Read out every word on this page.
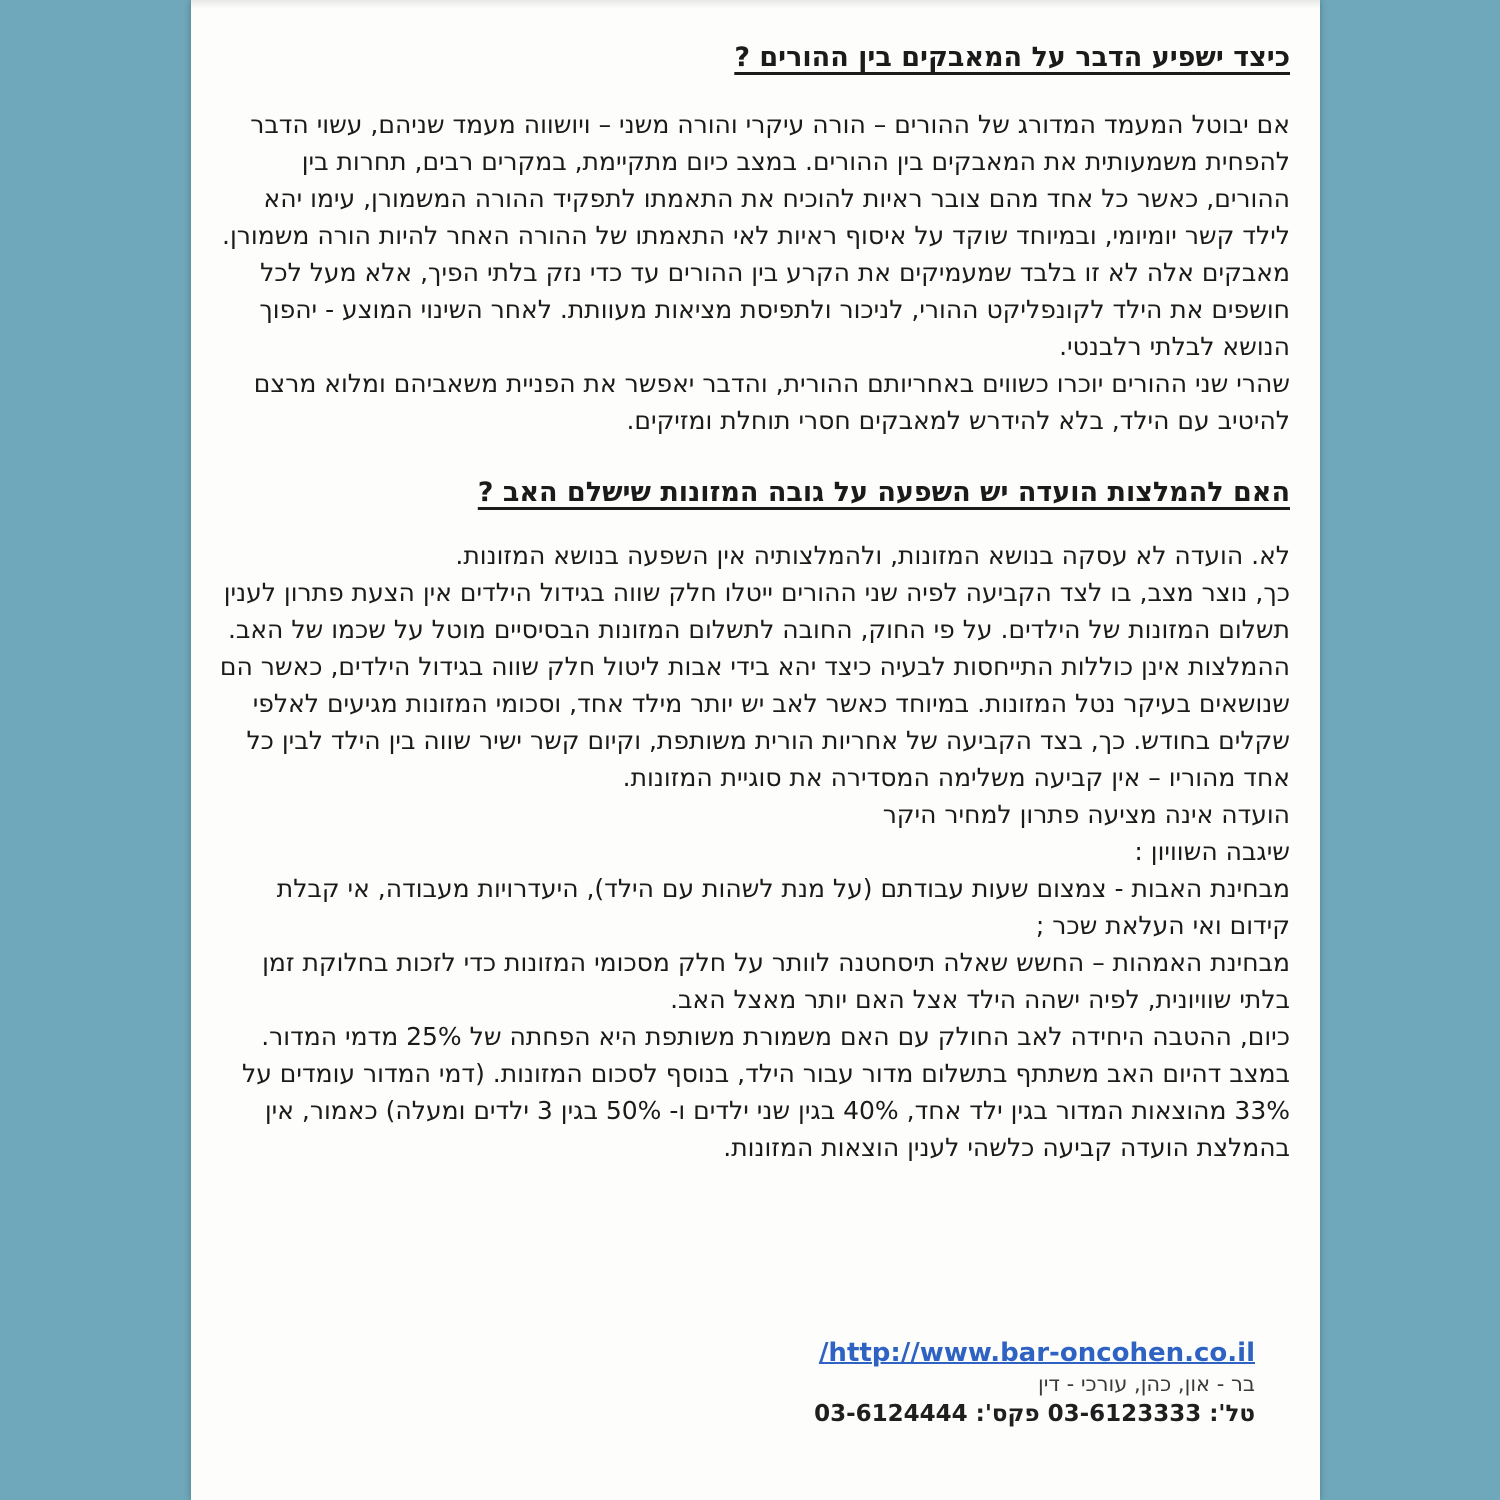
כיצד ישפיע הדבר על המאבקים בין ההורים ?

אם יבוטל המעמד המדורג של ההורים – הורה עיקרי והורה משני – ויושווה מעמד שניהם, עשוי הדבר להפחית משמעותית את המאבקים בין ההורים. במצב כיום מתקיימת, במקרים רבים, תחרות בין ההורים, כאשר כל אחד מהם צובר ראיות להוכיח את התאמתו לתפקיד ההורה המשמורן, עימו יהא לילד קשר יומיומי, ובמיוחד שוקד על איסוף ראיות לאי התאמתו של ההורה האחר להיות הורה משמורן. מאבקים אלה לא זו בלבד שמעמיקים את הקרע בין ההורים עד כדי נזק בלתי הפיך, אלא מעל לכל חושפים את הילד לקונפליקט ההורי, לניכור ולתפיסת מציאות מעוותת. לאחר השינוי המוצע - יהפוך הנושא לבלתי רלבנטי.

שהרי שני ההורים יוכרו כשווים באחריותם ההורית, והדבר יאפשר את הפניית משאביהם ומלוא מרצם להיטיב עם הילד, בלא להידרש למאבקים חסרי תוחלת ומזיקים.

האם להמלצות הועדה יש השפעה על גובה המזונות שישלם האב ?

לא. הועדה לא עסקה בנושא המזונות, ולהמלצותיה אין השפעה בנושא המזונות.

כך, נוצר מצב, בו לצד הקביעה לפיה שני ההורים ייטלו חלק שווה בגידול הילדים אין הצעת פתרון לענין תשלום המזונות של הילדים. על פי החוק, החובה לתשלום המזונות הבסיסיים מוטל על שכמו של האב. ההמלצות אינן כוללות התייחסות לבעיה כיצד יהא בידי אבות ליטול חלק שווה בגידול הילדים, כאשר הם שנושאים בעיקר נטל המזונות. במיוחד כאשר לאב יש יותר מילד אחד, וסכומי המזונות מגיעים לאלפי שקלים בחודש. כך, בצד הקביעה של אחריות הורית משותפת, וקיום קשר ישיר שווה בין הילד לבין כל אחד מהוריו – אין קביעה משלימה המסדירה את סוגיית המזונות.

הועדה אינה מציעה פתרון למחיר היקר

שיגבה השוויון :

מבחינת האבות - צמצום שעות עבודתם (על מנת לשהות עם הילד), היעדרויות מעבודה, אי קבלת קידום ואי העלאת שכר ;

מבחינת האמהות – החשש שאלה תיסחטנה לוותר על חלק מסכומי המזונות כדי לזכות בחלוקת זמן בלתי שוויונית, לפיה ישהה הילד אצל האם יותר מאצל האב.

כיום, ההטבה היחידה לאב החולק עם האם משמורת משותפת היא הפחתה של 25% מדמי המדור.

במצב דהיום האב משתתף בתשלום מדור עבור הילד, בנוסף לסכום המזונות. (דמי המדור עומדים על 33% מהוצאות המדור בגין ילד אחד, 40% בגין שני ילדים ו- 50% בגין 3 ילדים ומעלה) כאמור, אין בהמלצת הועדה קביעה כלשהי לענין הוצאות המזונות.

/http://www.bar-oncohen.co.il
בר - און, כהן, עורכי - דין
טל': 03-6123333 פקס': 03-6124444
